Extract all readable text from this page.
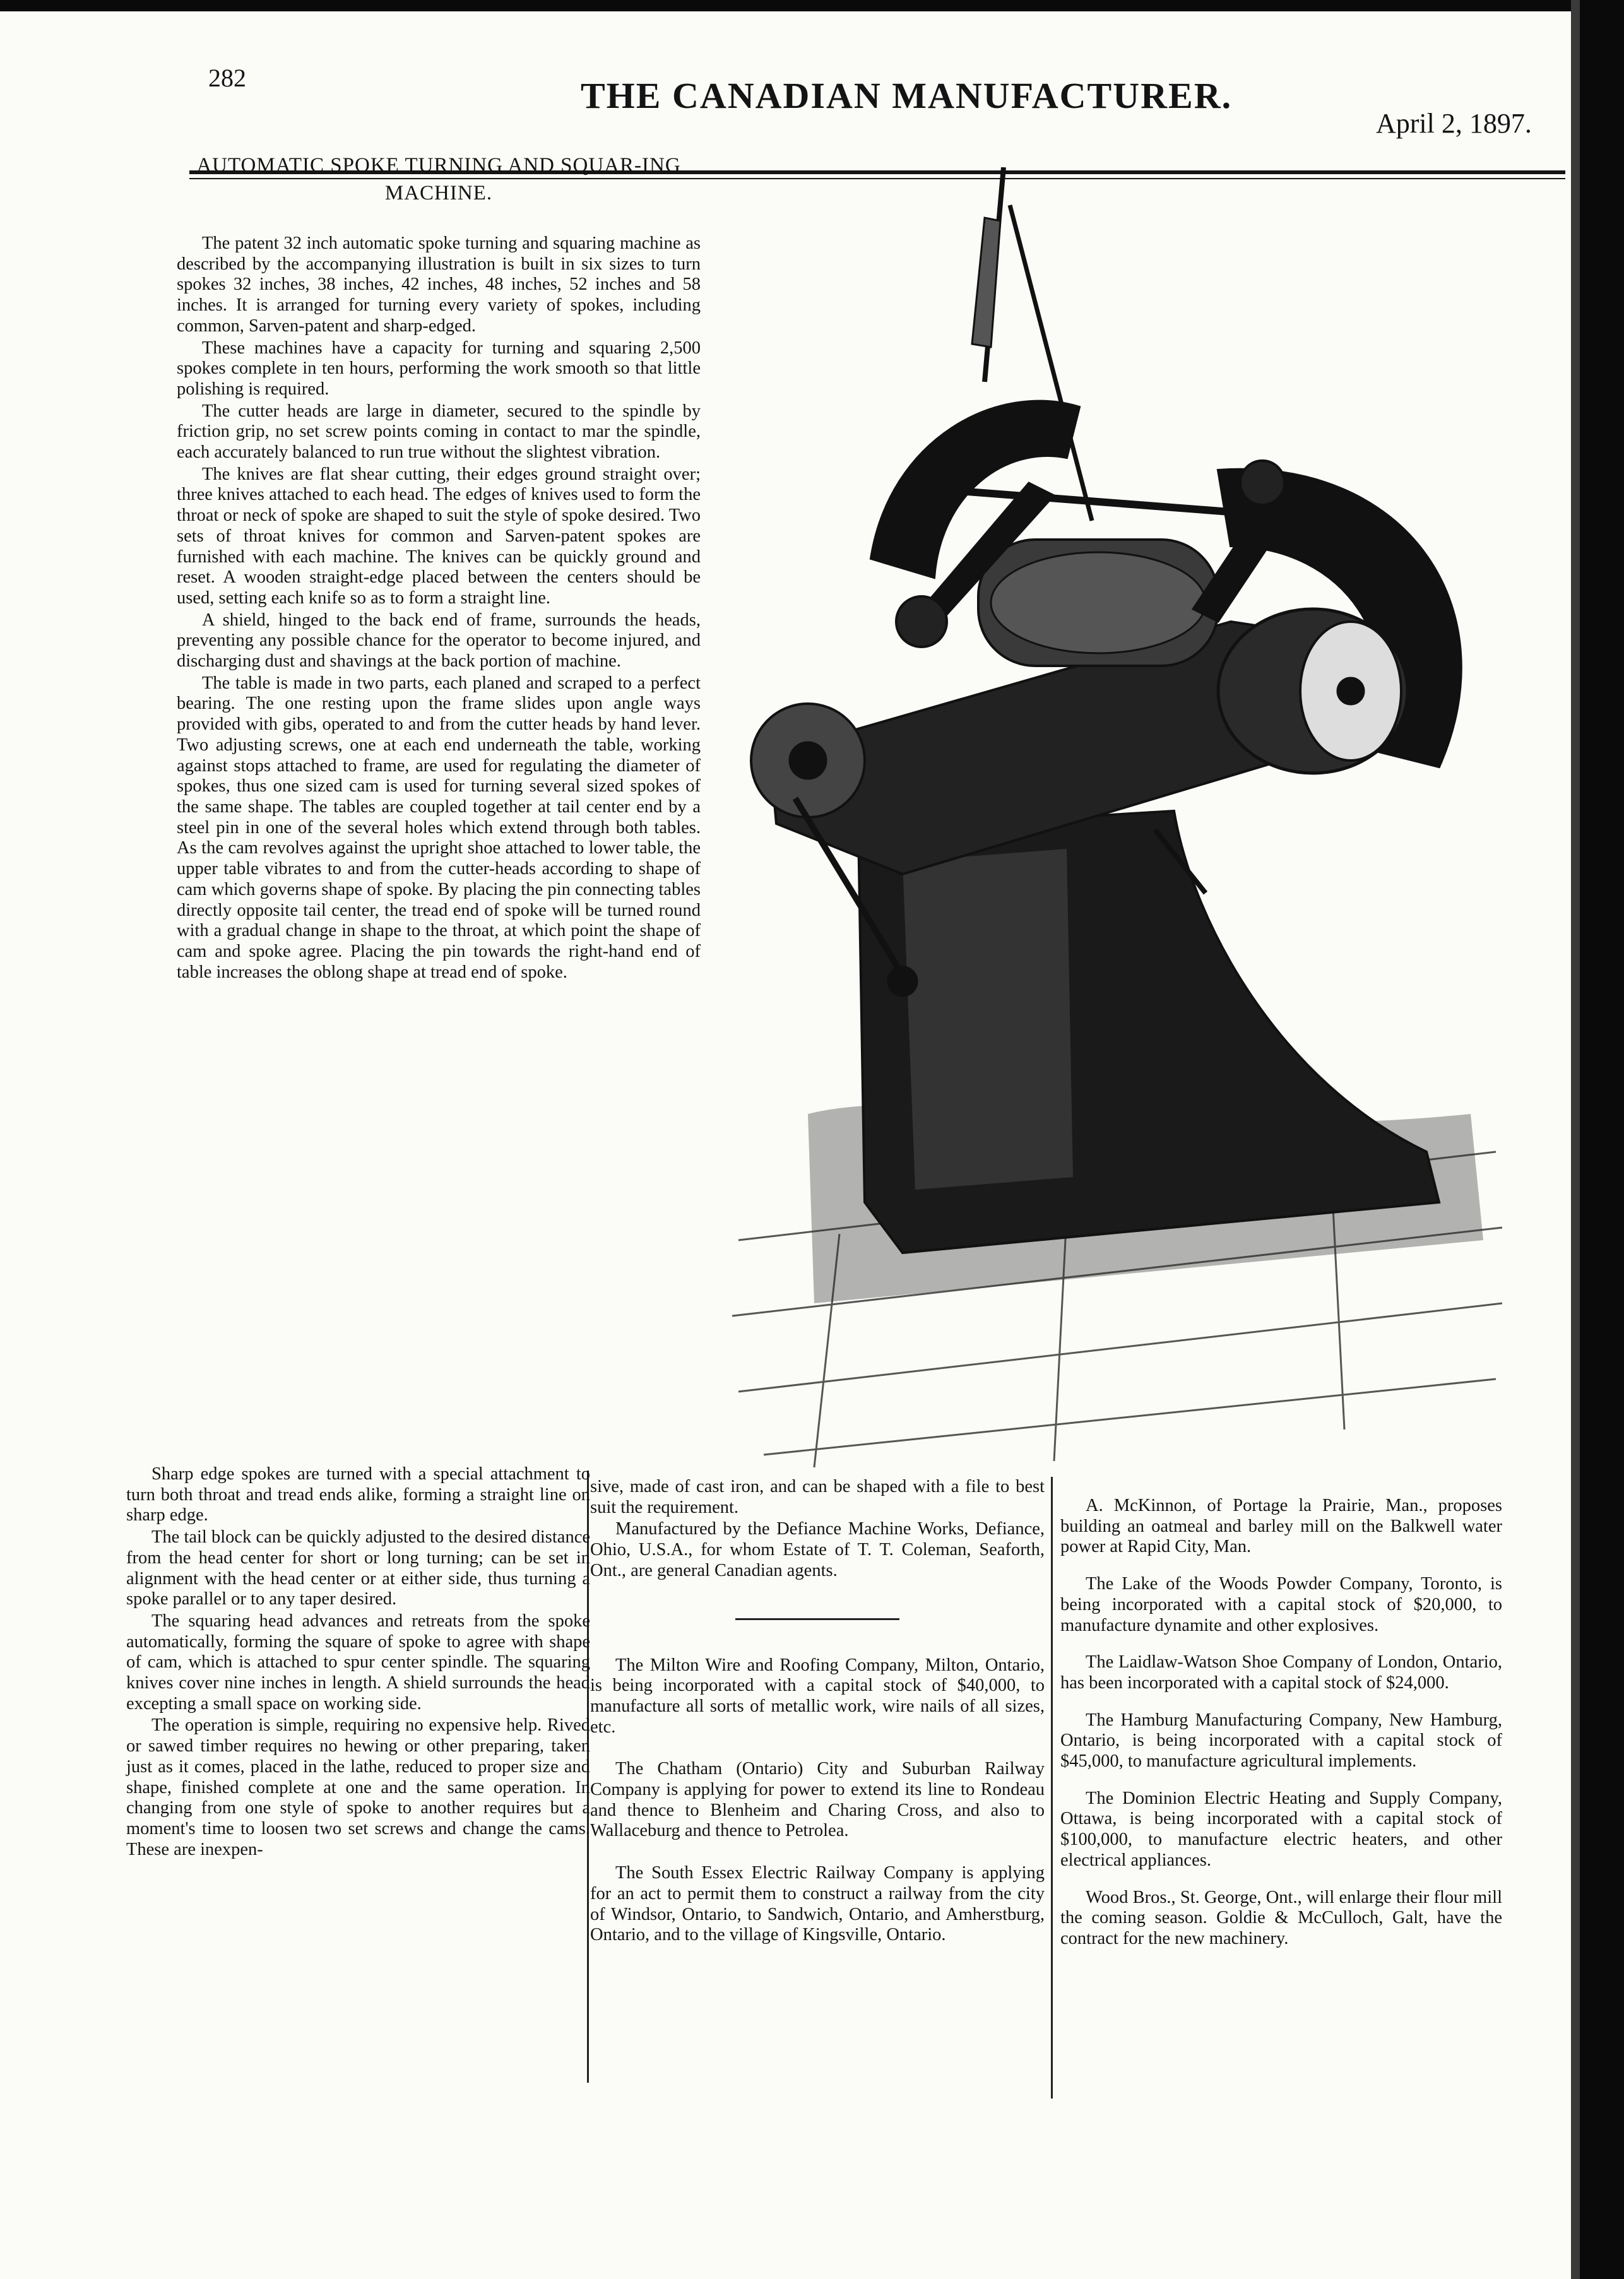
282	THE CANADIAN MANUFACTURER.
April 2, 1897.
AUTOMATIC SPOKE TURNING AND SQUAR-ING MACHINE.

The patent 32 inch automatic spoke turning and squaring machine as described by the accompanying illustration is built in six sizes to turn spokes 32 inches, 38 inches, 42 inches, 48 inches, 52 inches and 58 inches. It is arranged for turning every variety of spokes, including common, Sarven-patent and sharp-edged.

These machines have a capacity for turning and squaring 2,500 spokes complete in ten hours, performing the work smooth so that little polishing is required.

The cutter heads are large in diameter, secured to the spindle by friction grip, no set screw points coming in contact to mar the spindle, each accurately balanced to run true without the slightest vibration.

The knives are flat shear cutting, their edges ground straight over; three knives attached to each head. The edges of knives used to form the throat or neck of spoke are shaped to suit the style of spoke desired. Two sets of throat knives for common and Sarven-patent spokes are furnished with each machine. The knives can be quickly ground and reset. A wooden straight-edge placed between the centers should be used, setting each knife so as to form a straight line.

A shield, hinged to the back end of frame, surrounds the heads, preventing any possible chance for the operator to become injured, and discharging dust and shavings at the back portion of machine.

The table is made in two parts, each planed and scraped to a perfect bearing. The one resting upon the frame slides upon angle ways provided with gibs, operated to and from the cutter heads by hand lever. Two adjusting screws, one at each end underneath the table, working against stops attached to frame, are used for regulating the diameter of spokes, thus one sized cam is used for turning several sized spokes of the same shape. The tables are coupled together at tail center end by a steel pin in one of the several holes which extend through both tables. As the cam revolves against the upright shoe attached to lower table, the upper table vibrates to and from the cutter-heads according to shape of cam which governs shape of spoke. By placing the pin connecting tables directly opposite tail center, the tread end of spoke will be turned round with a gradual change in shape to the throat, at which point the shape of cam and spoke agree. Placing the pin towards the right-hand end of table increases the oblong shape at tread end of spoke.

Sharp edge spokes are turned with a special attachment to turn both throat and tread ends alike, forming a straight line on sharp edge.

The tail block can be quickly adjusted to the desired distance from the head center for short or long turning; can be set in alignment with the head center or at either side, thus turning a spoke parallel or to any taper desired.

The squaring head advances and retreats from the spoke automatically, forming the square of spoke to agree with shape of cam, which is attached to spur center spindle. The squaring knives cover nine inches in length. A shield surrounds the head excepting a small space on working side.

The operation is simple, requiring no expensive help. Rived or sawed timber requires no hewing or other preparing, taken just as it comes, placed in the lathe, reduced to proper size and shape, finished complete at one and the same operation. In changing from one style of spoke to another requires but a moment's time to loosen two set screws and change the cams. These are inexpen-

sive, made of cast iron, and can be shaped with a file to best suit the requirement.

Manufactured by the Defiance Machine Works, Defiance, Ohio, U.S.A., for whom Estate of T. T. Coleman, Seaforth, Ont., are general Canadian agents.

The Milton Wire and Roofing Company, Milton, Ontario, is being incorporated with a capital stock of $40,000, to manufacture all sorts of metallic work, wire nails of all sizes, etc.

The Chatham (Ontario) City and Suburban Railway Company is applying for power to extend its line to Rondeau and thence to Blenheim and Charing Cross, and also to Wallaceburg and thence to Petrolea.

The South Essex Electric Railway Company is applying for an act to permit them to construct a railway from the city of Windsor, Ontario, to Sandwich, Ontario, and Amherstburg, Ontario, and to the village of Kingsville, Ontario.

A. McKinnon, of Portage la Prairie, Man., proposes building an oatmeal and barley mill on the Balkwell water power at Rapid City, Man.

The Lake of the Woods Powder Company, Toronto, is being incorporated with a capital stock of $20,000, to manufacture dynamite and other explosives.

The Laidlaw-Watson Shoe Company of London, Ontario, has been incorporated with a capital stock of $24,000.

The Hamburg Manufacturing Company, New Hamburg, Ontario, is being incorporated with a capital stock of $45,000, to manufacture agricultural implements.

The Dominion Electric Heating and Supply Company, Ottawa, is being incorporated with a capital stock of $100,000, to manufacture electric heaters, and other electrical appliances.

Wood Bros., St. George, Ont., will enlarge their flour mill the coming season. Goldie & McCulloch, Galt, have the contract for the new machinery.
